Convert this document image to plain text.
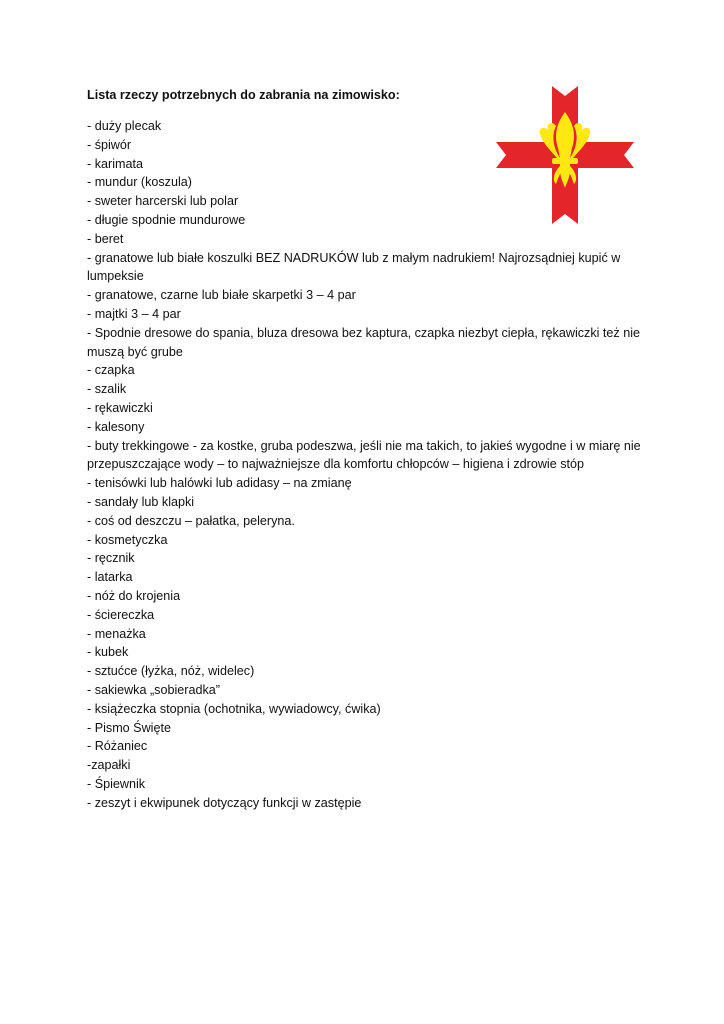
Lista rzeczy potrzebnych do zabrania na zimowisko:
- duży plecak
- śpiwór
- karimata
- mundur (koszula)
- sweter harcerski lub polar
- długie spodnie mundurowe
- beret
- granatowe lub białe koszulki BEZ NADRUKÓW lub z małym nadrukiem! Najrozsądniej kupić w lumpeksie
- granatowe, czarne lub białe skarpetki 3 – 4 par
- majtki 3 – 4 par
- Spodnie dresowe do spania, bluza dresowa bez kaptura, czapka niezbyt ciepła, rękawiczki też nie muszą być grube
- czapka
- szalik
- rękawiczki
- kalesony
- buty trekkingowe - za kostke, gruba podeszwa, jeśli nie ma takich, to jakieś wygodne i w miarę nie przepuszczające wody – to najważniejsze dla komfortu chłopców – higiena i zdrowie stóp
- tenisówki lub halówki lub adidasy – na zmianę
- sandały lub klapki
- coś od deszczu – pałatka, peleryna.
- kosmetyczka
- ręcznik
- latarka
- nóż do krojenia
- ściereczka
- menażka
- kubek
- sztućce (łyżka, nóż, widelec)
- sakiewka „sobieradka”
- książeczka stopnia (ochotnika, wywiadowcy, ćwika)
- Pismo Święte
- Różaniec
-zapałki
- Śpiewnik
- zeszyt i ekwipunek dotyczący funkcji w zastępie
